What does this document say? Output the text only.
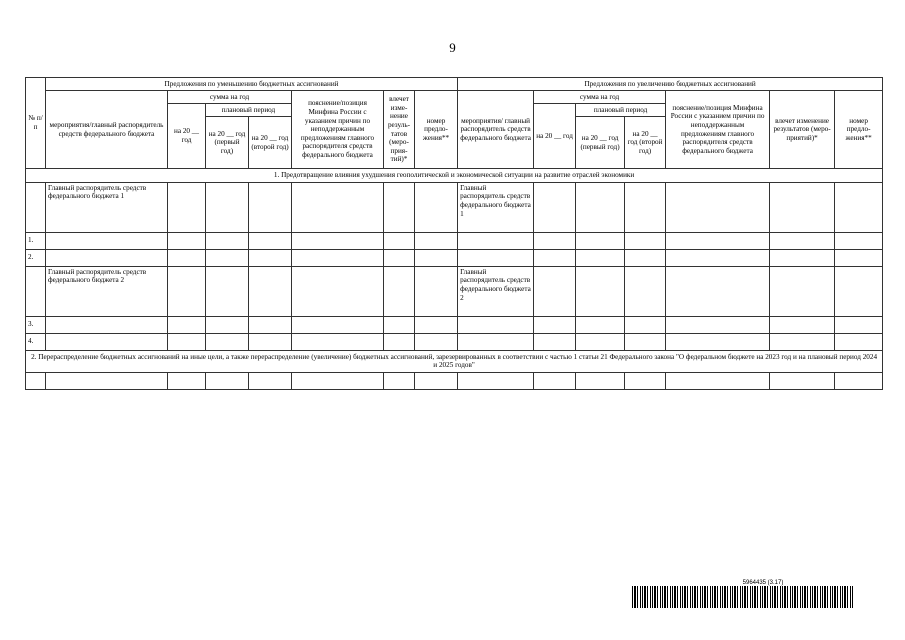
9
№ п/п	Предложения по уменьшению бюджетных ассигнований							Предложения по увеличению бюджетных ассигнований						
	мероприятия/главный распорядитель средств федерального бюджета	сумма на год			пояснение/позиция Минфина России с указанием причин по неподдержанным предложениям главного распорядителя средств федерального бюджета	влечет изме-нение резуль-татов (меро-прия-тий)*	номер предло-жения**	мероприятия/ главный распорядитель средств федерального бюджета	сумма на год			пояснение/позиция Минфина России с указанием причин по неподдержанным предложениям главного распорядителя средств федерального бюджета	влечет изменение результатов (меро-приятий)*	номер предло-жения**
		на 20 __ год	плановый период						на 20 __ год	плановый период				
			на 20 __ год (первый год)	на 20 __ год (второй год)						на 20 __ год (первый год)	на 20 __ год (второй год)			
1. Предотвращение влияния ухудшения геополитической и экономической ситуации на развитие отраслей экономики														
	Главный распорядитель средств федерального бюджета 1							Главный распорядитель средств федерального бюджета 1						
1.														
2.														
	Главный распорядитель средств федерального бюджета 2							Главный распорядитель средств федерального бюджета 2						
3.														
4.														
2. Перераспределение бюджетных ассигнований на иные цели, а также перераспределение (увеличение) бюджетных ассигнований, зарезервированных в соответствии с частью 1 статьи 21 Федерального закона "О федеральном бюджете на 2023 год и на плановый период 2024 и 2025 годов"														

5964435 (3.17)
